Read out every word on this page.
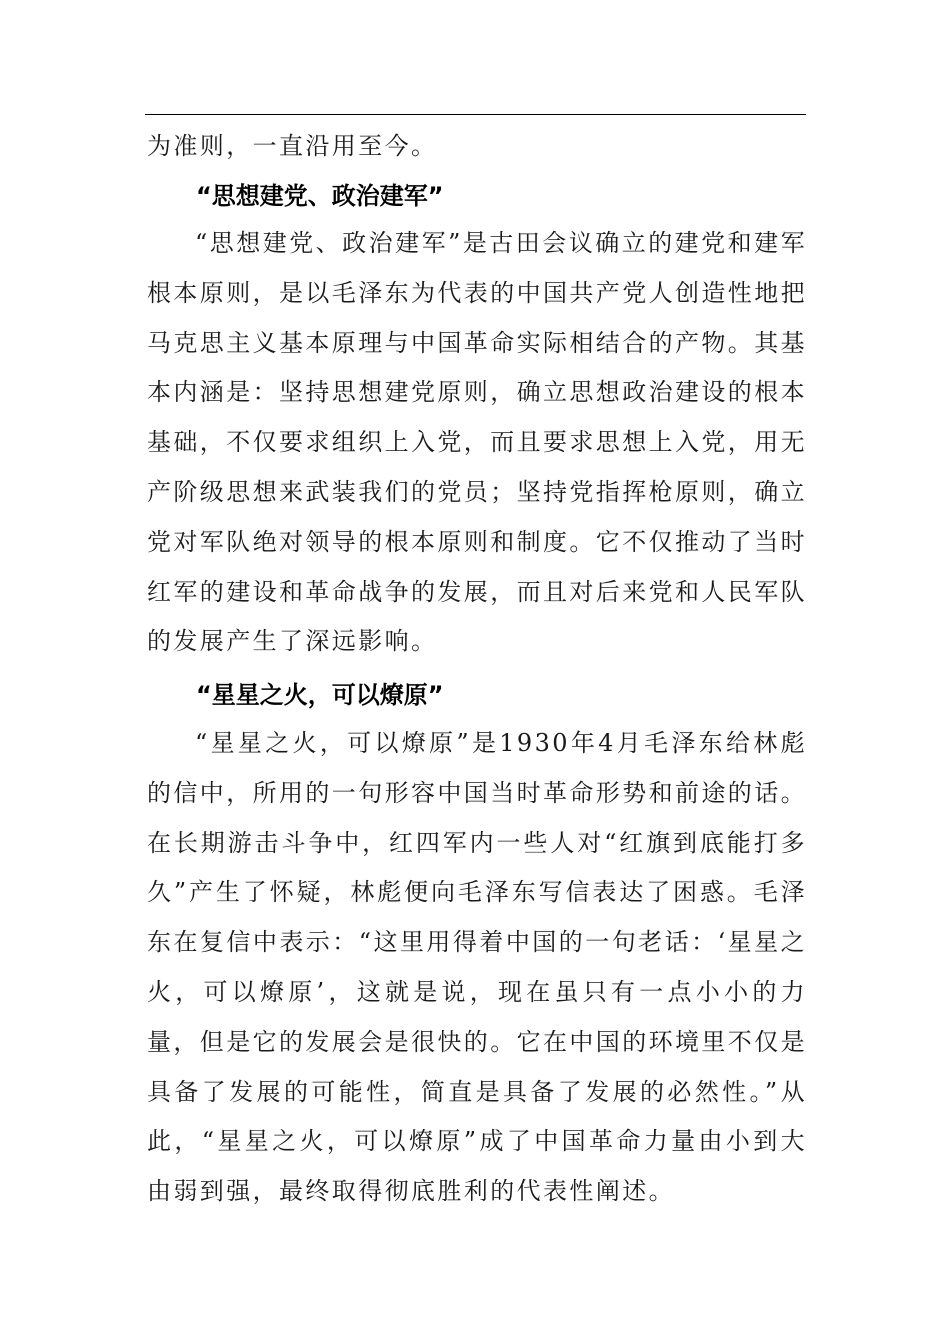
为准则，一直沿用至今。

“思想建党、政治建军”

“思想建党、政治建军”是古田会议确立的建党和建军根本原则，是以毛泽东为代表的中国共产党人创造性地把马克思主义基本原理与中国革命实际相结合的产物。其基本内涵是：坚持思想建党原则，确立思想政治建设的根本基础，不仅要求组织上入党，而且要求思想上入党，用无产阶级思想来武装我们的党员；坚持党指挥枪原则，确立党对军队绝对领导的根本原则和制度。它不仅推动了当时红军的建设和革命战争的发展，而且对后来党和人民军队的发展产生了深远影响。

“星星之火，可以燎原”

“星星之火，可以燎原”是1930年4月毛泽东给林彪的信中，所用的一句形容中国当时革命形势和前途的话。在长期游击斗争中，红四军内一些人对“红旗到底能打多久”产生了怀疑，林彪便向毛泽东写信表达了困惑。毛泽东在复信中表示：“这里用得着中国的一句老话：‘星星之火，可以燎原’，这就是说，现在虽只有一点小小的力量，但是它的发展会是很快的。它在中国的环境里不仅是具备了发展的可能性，简直是具备了发展的必然性。”从此，“星星之火，可以燎原”成了中国革命力量由小到大由弱到强，最终取得彻底胜利的代表性阐述。
